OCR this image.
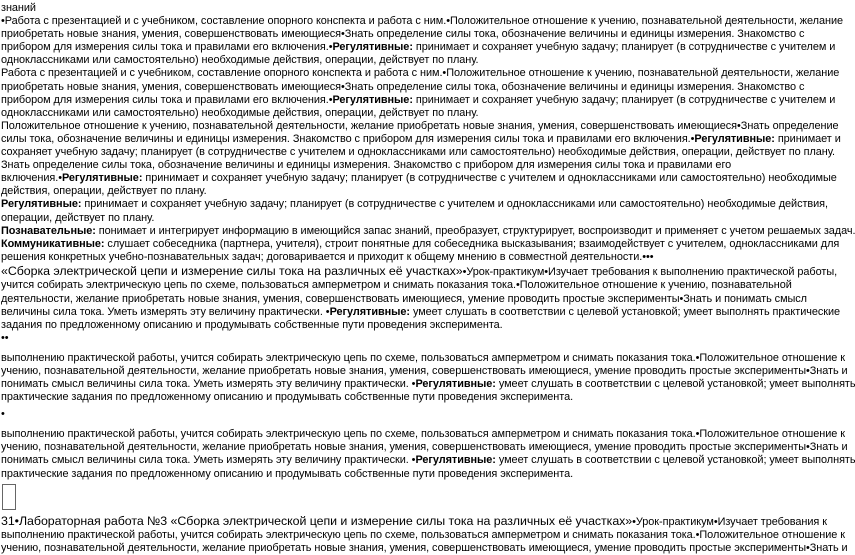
знаний
•Работа с презентацией и с учебником, составление опорного конспекта и работа с ним.•Положительное отношение к учению, познавательной деятельности, желание
приобретать новые знания, умения, совершенствовать имеющиеся•Знать определение силы тока, обозначение величины и единицы измерения. Знакомство с
прибором для измерения силы тока и правилами его включения.•Регулятивные: принимает и сохраняет учебную задачу; планирует (в сотрудничестве с учителем и
одноклассниками или самостоятельно) необходимые действия, операции, действует по плану.
Работа с презентацией и с учебником, составление опорного конспекта и работа с ним.•Положительное отношение к учению, познавательной деятельности, желание
приобретать новые знания, умения, совершенствовать имеющиеся•Знать определение силы тока, обозначение величины и единицы измерения. Знакомство с
прибором для измерения силы тока и правилами его включения.•Регулятивные: принимает и сохраняет учебную задачу; планирует (в сотрудничестве с учителем и
одноклассниками или самостоятельно) необходимые действия, операции, действует по плану.
Положительное отношение к учению, познавательной деятельности, желание приобретать новые знания, умения, совершенствовать имеющиеся•Знать определение
силы тока, обозначение величины и единицы измерения. Знакомство с прибором для измерения силы тока и правилами его включения.•Регулятивные: принимает и
сохраняет учебную задачу; планирует (в сотрудничестве с учителем и одноклассниками или самостоятельно) необходимые действия, операции, действует по плану.
Знать определение силы тока, обозначение величины и единицы измерения. Знакомство с прибором для измерения силы тока и правилами его
включения.•Регулятивные: принимает и сохраняет учебную задачу; планирует (в сотрудничестве с учителем и одноклассниками или самостоятельно) необходимые
действия, операции, действует по плану.
Регулятивные: принимает и сохраняет учебную задачу; планирует (в сотрудничестве с учителем и одноклассниками или самостоятельно) необходимые действия,
операции, действует по плану.
Познавательные: понимает и интегрирует информацию в имеющийся запас знаний, преобразует, структурирует, воспроизводит и применяет с учетом решаемых задач.
Коммуникативные: слушает собеседника (партнера, учителя), строит понятные для собеседника высказывания; взаимодействует с учителем, одноклассниками для
решения конкретных учебно-познавательных задач; договаривается и приходит к общему мнению в совместной деятельности.•••
«Сборка электрической цепи и измерение силы тока на различных её участках»•Урок-практикум•Изучает требования к выполнению практической работы,
учится собирать электрическую цепь по схеме, пользоваться амперметром и снимать показания тока.•Положительное отношение к учению, познавательной
деятельности, желание приобретать новые знания, умения, совершенствовать имеющиеся, умение проводить простые эксперименты•Знать и понимать смысл
величины сила тока. Уметь измерять эту величину практически. •Регулятивные: умеет слушать в соответствии с целевой установкой; умеет выполнять практические
задания по предложенному описанию и продумывать собственные пути проведения эксперимента.
••
выполнению практической работы, учится собирать электрическую цепь по схеме, пользоваться амперметром и снимать показания тока.•Положительное отношение к
учению, познавательной деятельности, желание приобретать новые знания, умения, совершенствовать имеющиеся, умение проводить простые эксперименты•Знать и
понимать смысл величины сила тока. Уметь измерять эту величину практически. •Регулятивные: умеет слушать в соответствии с целевой установкой; умеет выполнять
практические задания по предложенному описанию и продумывать собственные пути проведения эксперимента.
•
выполнению практической работы, учится собирать электрическую цепь по схеме, пользоваться амперметром и снимать показания тока.•Положительное отношение к
учению, познавательной деятельности, желание приобретать новые знания, умения, совершенствовать имеющиеся, умение проводить простые эксперименты•Знать и
понимать смысл величины сила тока. Уметь измерять эту величину практически. •Регулятивные: умеет слушать в соответствии с целевой установкой; умеет выполнять
практические задания по предложенному описанию и продумывать собственные пути проведения эксперимента.
31•Лабораторная работа №3 «Сборка электрической цепи и измерение силы тока на различных её участках»•Урок-практикум•Изучает требования к
выполнению практической работы, учится собирать электрическую цепь по схеме, пользоваться амперметром и снимать показания тока.•Положительное отношение к
учению, познавательной деятельности, желание приобретать новые знания, умения, совершенствовать имеющиеся, умение проводить простые эксперименты•Знать и
